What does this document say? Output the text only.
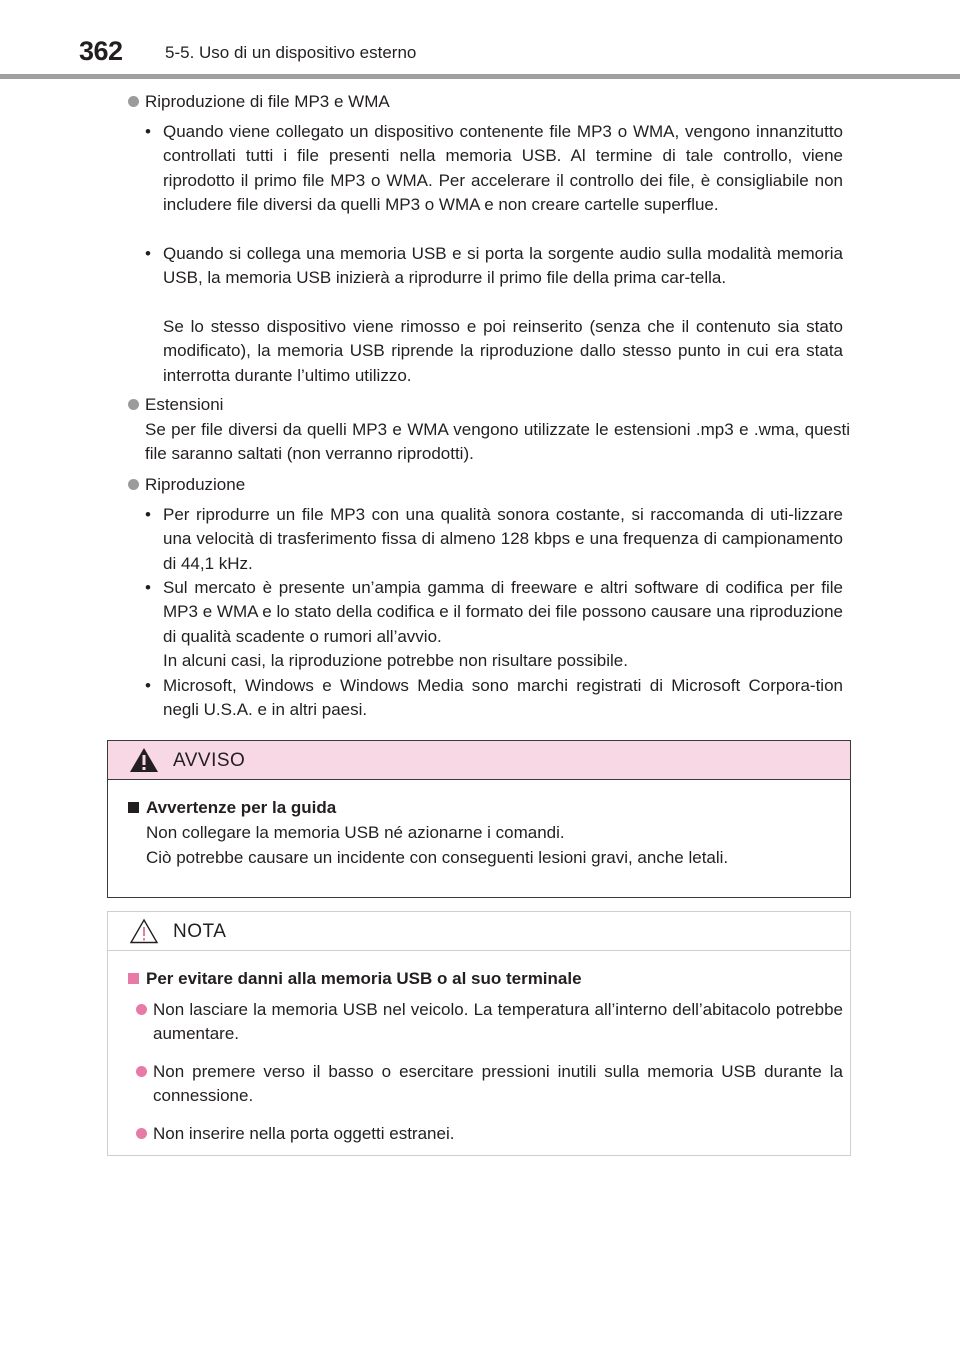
362 5-5. Uso di un dispositivo esterno
Riproduzione di file MP3 e WMA
• Quando viene collegato un dispositivo contenente file MP3 o WMA, vengono innanzitutto controllati tutti i file presenti nella memoria USB. Al termine di tale controllo, viene riprodotto il primo file MP3 o WMA. Per accelerare il controllo dei file, è consigliabile non includere file diversi da quelli MP3 o WMA e non creare cartelle superflue.
• Quando si collega una memoria USB e si porta la sorgente audio sulla modalità memoria USB, la memoria USB inizierà a riprodurre il primo file della prima car-tella.
Se lo stesso dispositivo viene rimosso e poi reinserito (senza che il contenuto sia stato modificato), la memoria USB riprende la riproduzione dallo stesso punto in cui era stata interrotta durante l’ultimo utilizzo.
Estensioni
Se per file diversi da quelli MP3 e WMA vengono utilizzate le estensioni .mp3 e .wma, questi file saranno saltati (non verranno riprodotti).
Riproduzione
• Per riprodurre un file MP3 con una qualità sonora costante, si raccomanda di uti-lizzare una velocità di trasferimento fissa di almeno 128 kbps e una frequenza di campionamento di 44,1 kHz.
• Sul mercato è presente un’ampia gamma di freeware e altri software di codifica per file MP3 e WMA e lo stato della codifica e il formato dei file possono causare una riproduzione di qualità scadente o rumori all’avvio.
In alcuni casi, la riproduzione potrebbe non risultare possibile.
• Microsoft, Windows e Windows Media sono marchi registrati di Microsoft Corpora-tion negli U.S.A. e in altri paesi.
AVVISO
Avvertenze per la guida
Non collegare la memoria USB né azionarne i comandi.
Ciò potrebbe causare un incidente con conseguenti lesioni gravi, anche letali.
NOTA
Per evitare danni alla memoria USB o al suo terminale
Non lasciare la memoria USB nel veicolo. La temperatura all’interno dell’abitacolo potrebbe aumentare.
Non premere verso il basso o esercitare pressioni inutili sulla memoria USB durante la connessione.
Non inserire nella porta oggetti estranei.
